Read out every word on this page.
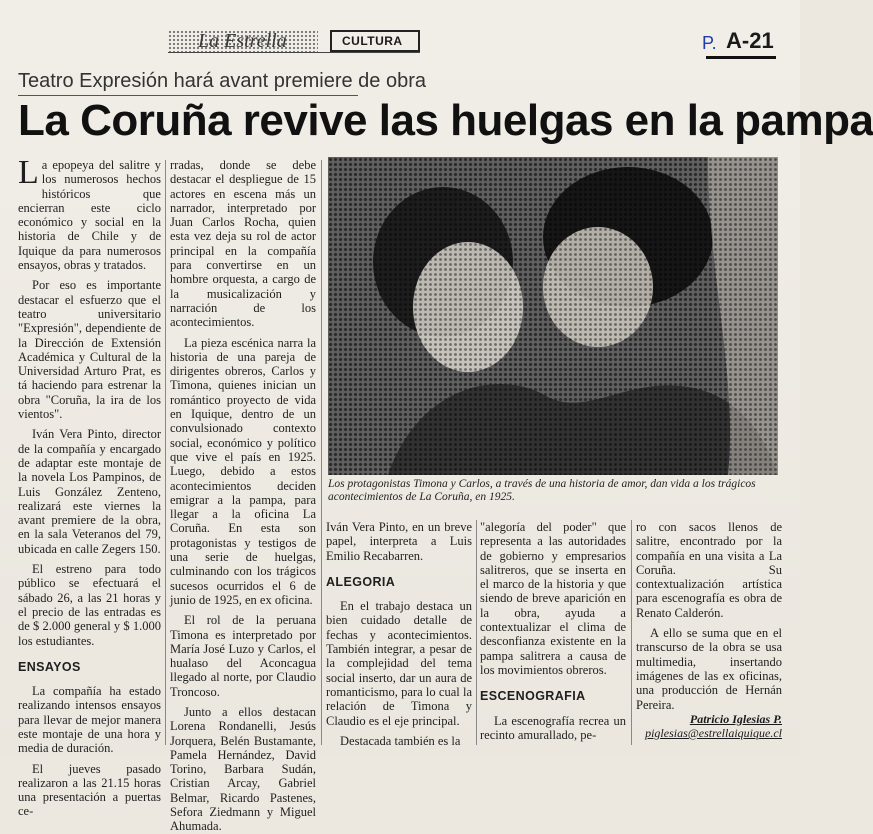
La Estrella	CULTURA	P. A-21
Teatro Expresión hará avant premiere de obra
La Coruña revive las huelgas en la pampa

La epopeya del salitre y los numerosos hechos históricos que encierran este ciclo económico y social en la historia de Chile y de Iquique da para numerosos ensayos, obras y tratados.

Por eso es importante destacar el esfuerzo que el teatro universitario "Expresión", dependiente de la Dirección de Extensión Académica y Cultural de la Universidad Arturo Prat, es tá haciendo para estrenar la obra "Coruña, la ira de los vientos".

Iván Vera Pinto, director de la compañía y encargado de adaptar este montaje de la novela Los Pampinos, de Luis González Zenteno, realizará este viernes la avant premiere de la obra, en la sala Veteranos del 79, ubicada en calle Zegers 150.

El estreno para todo público se efectuará el sábado 26, a las 21 horas y el precio de las entradas es de $ 2.000 general y $ 1.000 los estudiantes.

ENSAYOS

La compañía ha estado realizando intensos ensayos para llevar de mejor manera este montaje de una hora y media de duración.

El jueves pasado realizaron a las 21.15 horas una presentación a puertas ce-

rradas, donde se debe destacar el despliegue de 15 actores en escena más un narrador, interpretado por Juan Carlos Rocha, quien esta vez deja su rol de actor principal en la compañía para convertirse en un hombre orquesta, a cargo de la musicalización y narración de los acontecimientos.

La pieza escénica narra la historia de una pareja de dirigentes obreros, Carlos y Timona, quienes inician un romántico proyecto de vida en Iquique, dentro de un convulsionado contexto social, económico y político que vive el país en 1925. Luego, debido a estos acontecimientos deciden emigrar a la pampa, para llegar a la oficina La Coruña. En esta son protagonistas y testigos de una serie de huelgas, culminando con los trágicos sucesos ocurridos el 6 de junio de 1925, en ex oficina.

El rol de la peruana Timona es interpretado por María José Luzo y Carlos, el hualaso del Aconcagua llegado al norte, por Claudio Troncoso.

Junto a ellos destacan Lorena Rondanelli, Jesús Jorquera, Belén Bustamante, Pamela Hernández, David Torino, Barbara Sudán, Cristian Arcay, Gabriel Belmar, Ricardo Pastenes, Sefora Ziedmann y Miguel Ahumada.

Los protagonistas Timona y Carlos, a través de una historia de amor, dan vida a los trágicos acontecimientos de La Coruña, en 1925.

Iván Vera Pinto, en un breve papel, interpreta a Luis Emilio Recabarren.

ALEGORIA

En el trabajo destaca un bien cuidado detalle de fechas y acontecimientos. También integrar, a pesar de la complejidad del tema social inserto, dar un aura de romanticismo, para lo cual la relación de Timona y Claudio es el eje principal.

Destacada también es la

"alegoría del poder" que representa a las autoridades de gobierno y empresarios salitreros, que se inserta en el marco de la historia y que siendo de breve aparición en la obra, ayuda a contextualizar el clima de desconfianza existente en la pampa salitrera a causa de los movimientos obreros.

ESCENOGRAFIA

La escenografía recrea un recinto amurallado, pe-

ro con sacos llenos de salitre, encontrado por la compañía en una visita a La Coruña. Su contextualización artística para escenografía es obra de Renato Calderón.

A ello se suma que en el transcurso de la obra se usa multimedia, insertando imágenes de las ex oficinas, una producción de Hernán Pereira.

Patricio Iglesias P.
piglesias@estrellaiquique.cl
